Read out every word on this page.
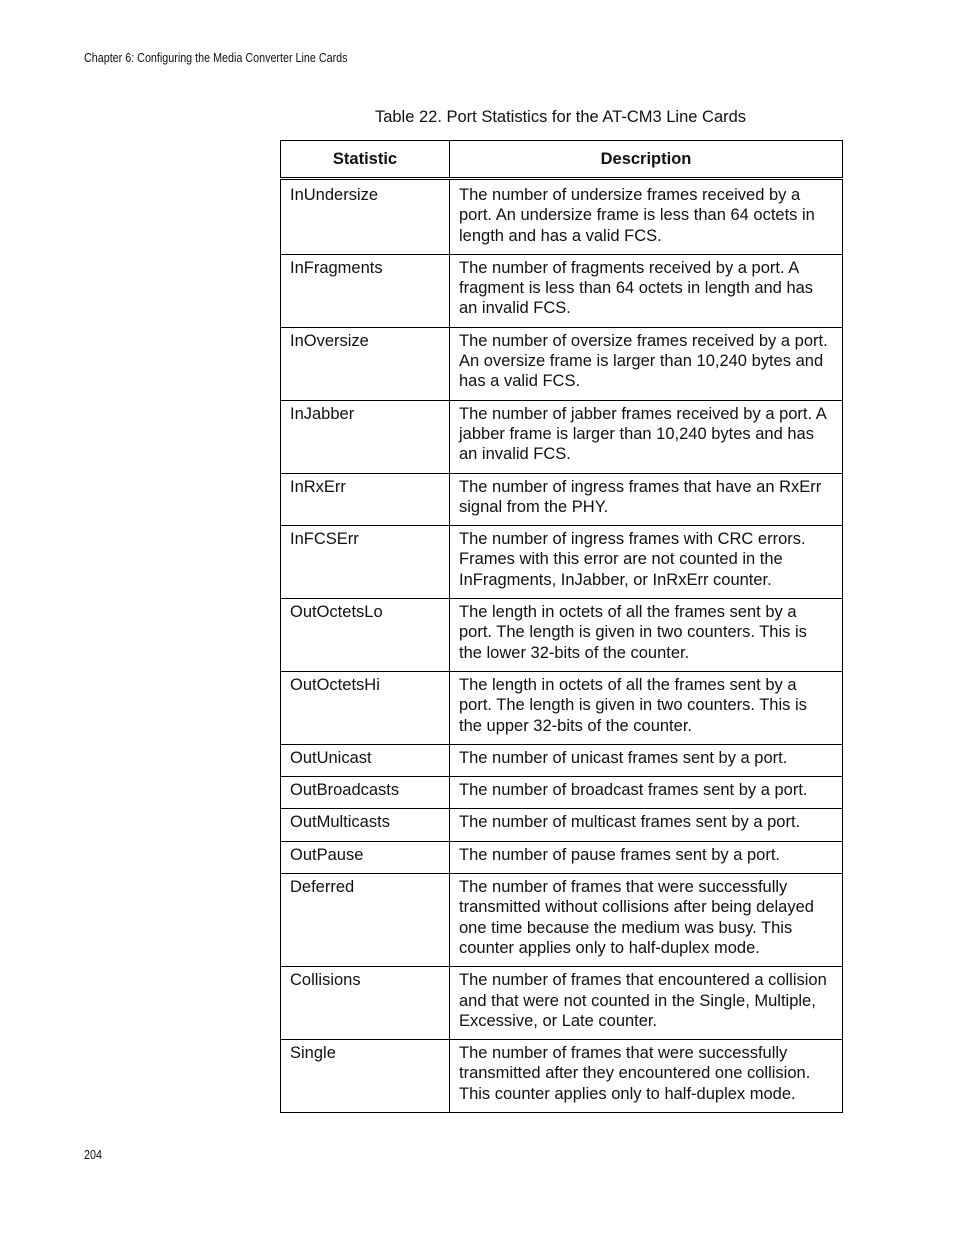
Chapter 6: Configuring the Media Converter Line Cards
Table 22. Port Statistics for the AT-CM3 Line Cards
Statistic	Description
InUndersize	The number of undersize frames received by a port. An undersize frame is less than 64 octets in length and has a valid FCS.
InFragments	The number of fragments received by a port. A fragment is less than 64 octets in length and has an invalid FCS.
InOversize	The number of oversize frames received by a port. An oversize frame is larger than 10,240 bytes and has a valid FCS.
InJabber	The number of jabber frames received by a port. A jabber frame is larger than 10,240 bytes and has an invalid FCS.
InRxErr	The number of ingress frames that have an RxErr signal from the PHY.
InFCSErr	The number of ingress frames with CRC errors. Frames with this error are not counted in the InFragments, InJabber, or InRxErr counter.
OutOctetsLo	The length in octets of all the frames sent by a port. The length is given in two counters. This is the lower 32-bits of the counter.
OutOctetsHi	The length in octets of all the frames sent by a port. The length is given in two counters. This is the upper 32-bits of the counter.
OutUnicast	The number of unicast frames sent by a port.
OutBroadcasts	The number of broadcast frames sent by a port.
OutMulticasts	The number of multicast frames sent by a port.
OutPause	The number of pause frames sent by a port.
Deferred	The number of frames that were successfully transmitted without collisions after being delayed one time because the medium was busy. This counter applies only to half-duplex mode.
Collisions	The number of frames that encountered a collision and that were not counted in the Single, Multiple, Excessive, or Late counter.
Single	The number of frames that were successfully transmitted after they encountered one collision. This counter applies only to half-duplex mode.
204
